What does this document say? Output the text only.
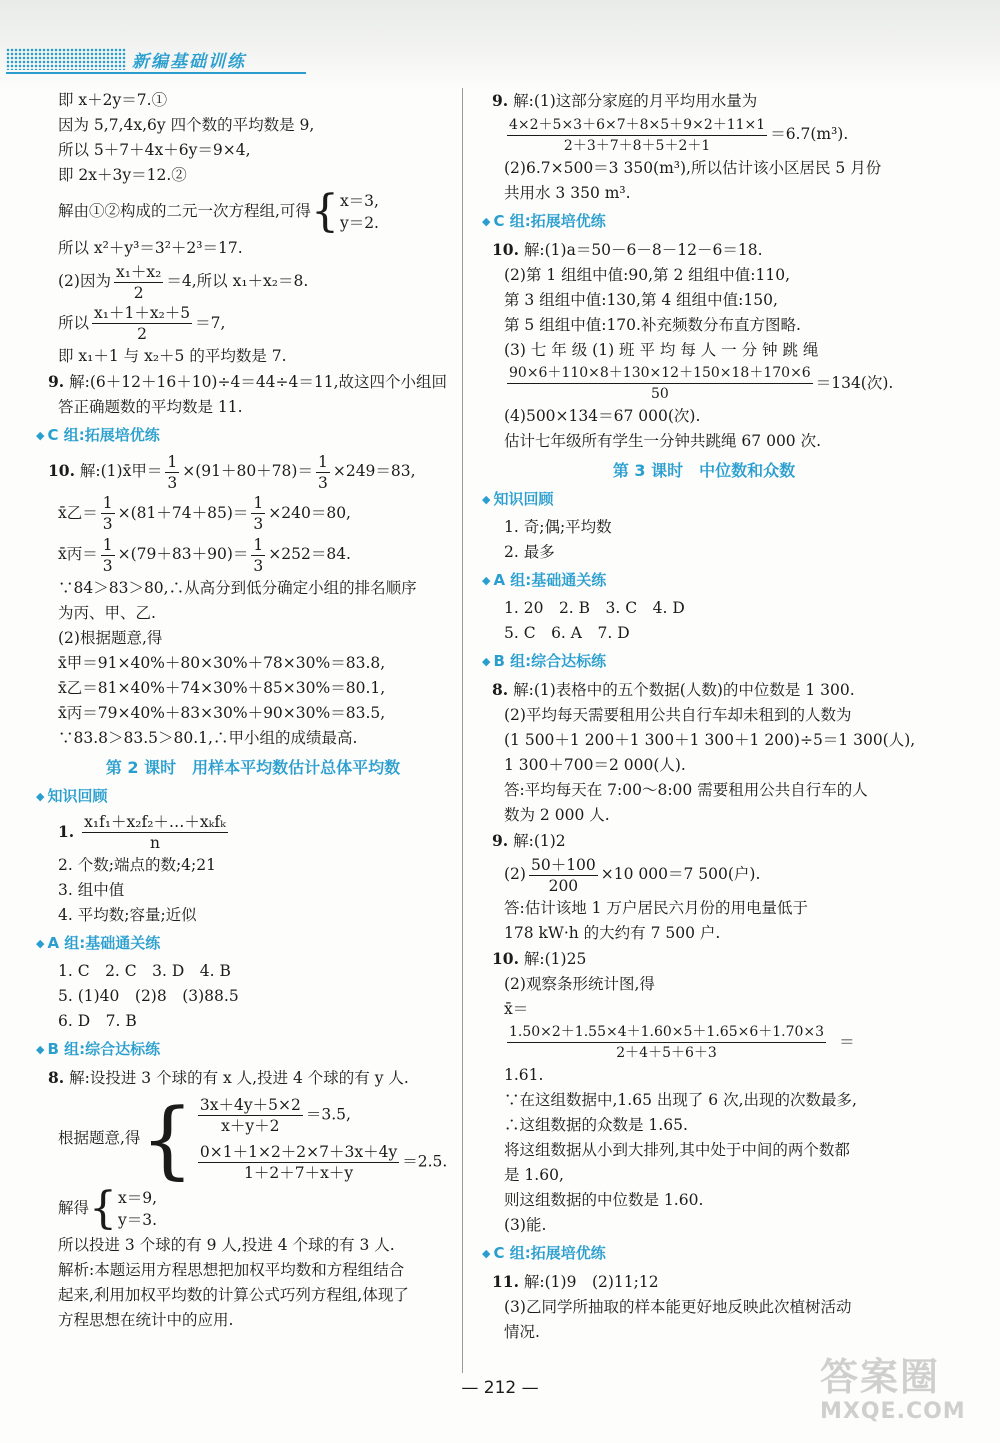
新编基础训练
即 x＋2y＝7.①
因为 5,7,4x,6y 四个数的平均数是 9,
所以 5＋7＋4x＋6y＝9×4,
即 2x＋3y＝12.②
解由①②构成的二元一次方程组,可得 { x＝3,
y＝2.
所以 x²＋y³＝3²＋2³＝17.
(2)因为 $\frac{\text{x₁＋x₂}}{2} =4$,所以 x₁＋x₂＝8.
所以 $\frac{\text{x₁＋1＋x₂＋5}}{2} =7$,
即 x₁＋1 与 x₂＋5 的平均数是 7.
9. 解:(6＋12＋16＋10)÷4＝44÷4＝11,故这四个小组回
答正确题数的平均数是 11.
◆ C 组:拓展培优练
10. 解:(1)x̄甲＝ $\frac{1}{3} \times(91+80+78)= \frac{1}{3} \times 249=83$,
x̄乙＝ $\frac{1}{3} \times(81+74+85)= \frac{1}{3} \times 240=80$,
x̄丙＝ $\frac{1}{3} \times(79+83+90)= \frac{1}{3} \times 252=84$.
∵84＞83＞80,∴从高分到低分确定小组的排名顺序
为丙、甲、乙.
(2)根据题意,得
x̄甲＝91×40%＋80×30%＋78×30%＝83.8,
x̄乙＝81×40%＋74×30%＋85×30%＝80.1,
x̄丙＝79×40%＋83×30%＋90×30%＝83.5,
∵83.8＞83.5＞80.1,∴甲小组的成绩最高.
第 2 课时　用样本平均数估计总体平均数
◆ 知识回顾
1. $\frac{\text{x₁f₁＋x₂f₂＋…＋xₖfₖ}}{n}$
2. 个数;端点的数;4;21
3. 组中值
4. 平均数;容量;近似
◆ A 组:基础通关练
1. C　2. C　3. D　4. B
5. (1)40　(2)8　(3)88.5
6. D　7. B
◆ B 组:综合达标练
8. 解:设投进 3 个球的有 x 人,投进 4 个球的有 y 人.
根据题意,得 { $\frac{3x+4y+5\times 2}{x+y+2} =3.5$,
$\frac{0\times 1+1\times 2+2\times 7+3x+4y}{1+2+7+x+y} =2.5$.
解得 { x＝9,
y＝3.
所以投进 3 个球的有 9 人,投进 4 个球的有 3 人.
解析:本题运用方程思想把加权平均数和方程组结合
起来,利用加权平均数的计算公式巧列方程组,体现了
方程思想在统计中的应用.
9. 解:(1)这部分家庭的月平均用水量为
$\frac{4\times 2+5\times 3+6\times 7+8\times 5+9\times 2+11\times 1}{2+3+7+8+5+2+1} =6.7(m^3)$.
(2)6.7×500＝3 350(m³),所以估计该小区居民 5 月份
共用水 3 350 m³.
◆ C 组:拓展培优练
10. 解:(1)a＝50－6－8－12－6＝18.
(2)第 1 组组中值:90,第 2 组组中值:110,
第 3 组组中值:130,第 4 组组中值:150,
第 5 组组中值:170.补充频数分布直方图略.
(3) 七 年 级 (1) 班 平 均 每 人 一 分 钟 跳 绳
$\frac{90\times 6+110\times 8+130\times 12+150\times 18+170\times 6}{50} =134$(次).
(4)500×134＝67 000(次).
估计七年级所有学生一分钟共跳绳 67 000 次.
第 3 课时　中位数和众数
◆ 知识回顾
1. 奇;偶;平均数
2. 最多
◆ A 组:基础通关练
1. 20　2. B　3. C　4. D
5. C　6. A　7. D
◆ B 组:综合达标练
8. 解:(1)表格中的五个数据(人数)的中位数是 1 300.
(2)平均每天需要租用公共自行车却未租到的人数为
(1 500＋1 200＋1 300＋1 300＋1 200)÷5＝1 300(人),
1 300＋700＝2 000(人).
答:平均每天在 7:00～8:00 需要租用公共自行车的人
数为 2 000 人.
9. 解:(1)2
$(2) \frac{50+100}{200} \times 10$ 000＝7 500(户).
答:估计该地 1 万户居民六月份的用电量低于
178 kW·h 的大约有 7 500 户.
10. 解:(1)25
(2)观察条形统计图,得
x̄＝
$\frac{1.50\times 2+1.55\times 4+1.60\times 5+1.65\times 6+1.70\times 3}{2+4+5+6+3}$ ＝
1.61.
∵在这组数据中,1.65 出现了 6 次,出现的次数最多,
∴这组数据的众数是 1.65.
将这组数据从小到大排列,其中处于中间的两个数都
是 1.60,
则这组数据的中位数是 1.60.
(3)能.
◆ C 组:拓展培优练
11. 解:(1)9　(2)11;12
(3)乙同学所抽取的样本能更好地反映此次植树活动
情况.
— 212 —	答案圈
MXQE.COM
